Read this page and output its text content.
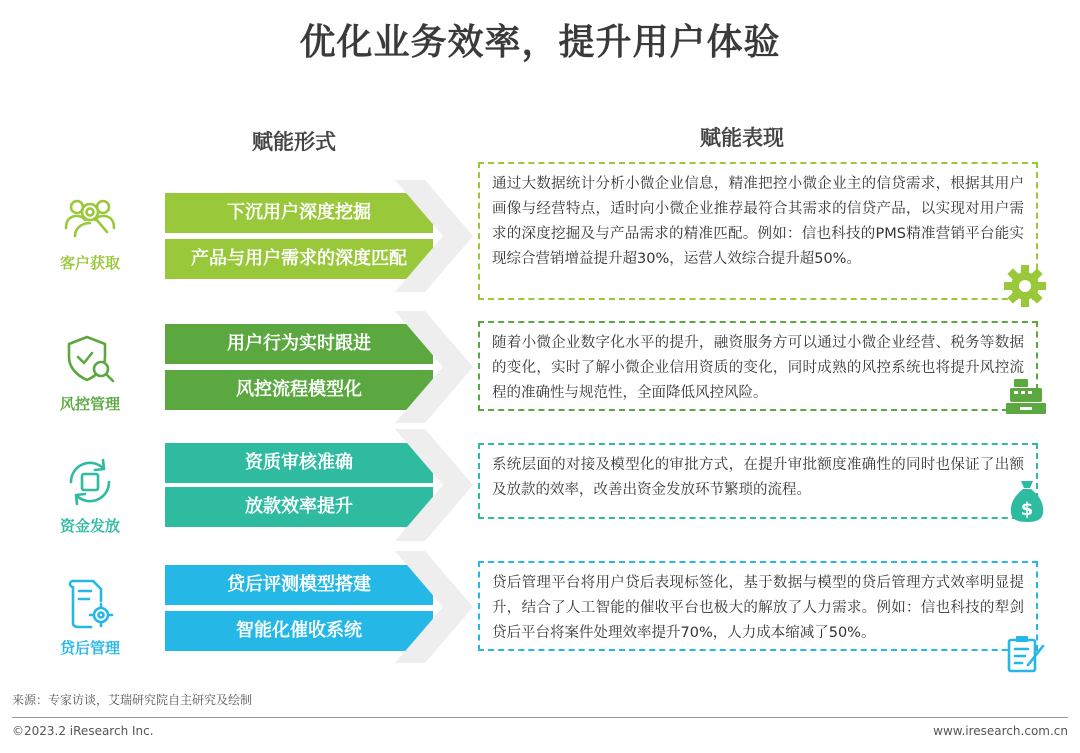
优化业务效率，提升用户体验
赋能形式	赋能表现
客户获取
下沉用户深度挖掘
产品与用户需求的深度匹配
通过大数据统计分析小微企业信息，精准把控小微企业主的信贷需求，根据其用户画像与经营特点，适时向小微企业推荐最符合其需求的信贷产品，以实现对用户需求的深度挖掘及与产品需求的精准匹配。例如：信也科技的PMS精准营销平台能实现综合营销增益提升超30%，运营人效综合提升超50%。
风控管理
用户行为实时跟进
风控流程模型化
随着小微企业数字化水平的提升，融资服务方可以通过小微企业经营、税务等数据的变化，实时了解小微企业信用资质的变化，同时成熟的风控系统也将提升风控流程的准确性与规范性，全面降低风控风险。
资金发放
资质审核准确
放款效率提升
系统层面的对接及模型化的审批方式，在提升审批额度准确性的同时也保证了出额及放款的效率，改善出资金发放环节繁琐的流程。
$
贷后管理
贷后评测模型搭建
智能化催收系统
贷后管理平台将用户贷后表现标签化，基于数据与模型的贷后管理方式效率明显提升，结合了人工智能的催收平台也极大的解放了人力需求。例如：信也科技的犁剑贷后平台将案件处理效率提升70%，人力成本缩减了50%。
来源：专家访谈，艾瑞研究院自主研究及绘制
©2023.2 iResearch Inc.	www.iresearch.com.cn
